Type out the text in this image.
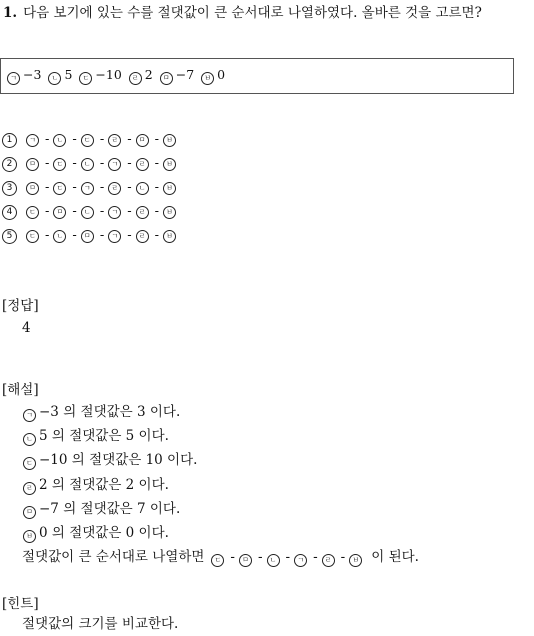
1. 다음 보기에 있는 수를 절댓값이 큰 순서대로 나열하였다. 올바른 것을 고르면?
ㄱ −3	ㄴ 5	ㄷ −10	ㄹ 2	ㅁ −7	ㅂ 0
1	ㄱ -	ㄴ -	ㄷ -	ㄹ -	ㅁ -	ㅂ
2	ㅁ -	ㄷ -	ㄴ -	ㄱ -	ㄹ -	ㅂ
3	ㅁ -	ㄷ -	ㄱ -	ㄹ -	ㄴ -	ㅂ
4	ㄷ -	ㅁ -	ㄴ -	ㄱ -	ㄹ -	ㅂ
5	ㄷ -	ㄴ -	ㅁ -	ㄱ -	ㄹ -	ㅂ
[정답]
4
[해설]
ㄱ −3 의 절댓값은 3 이다.
ㄴ 5 의 절댓값은 5 이다.
ㄷ −10 의 절댓값은 10 이다.
ㄹ 2 의 절댓값은 2 이다.
ㅁ −7 의 절댓값은 7 이다.
ㅂ 0 의 절댓값은 0 이다.
절댓값이 큰 순서대로 나열하면 ㄷ - ㅁ - ㄴ - ㄱ - ㄹ - ㅂ 이 된다.
[힌트]
절댓값의 크기를 비교한다.
